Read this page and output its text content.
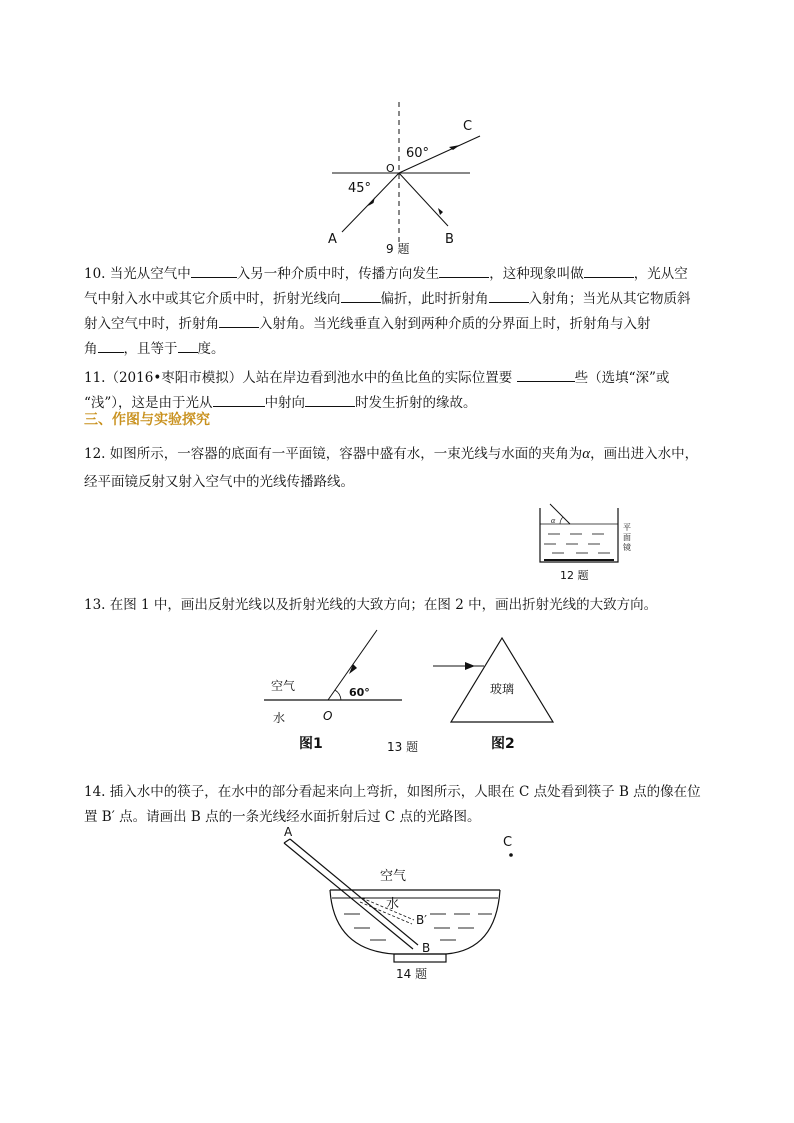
C
O
60°
45°
A	B
9 题
10. 当光从空气中	入另一种介质中时，传播方向发生	，这种现象叫做	，光从空
气中射入水中或其它介质中时，折射光线向	偏折，此时折射角	入射角；当光从其它物质斜
射入空气中时，折射角	入射角。当光线垂直入射到两种介质的分界面上时，折射角与入射
角 ，且等于 度。
11.（2016•枣阳市模拟）人站在岸边看到池水中的鱼比鱼的实际位置要	些（选填“深”或
“浅”），这是由于光从	中射向	时发生折射的缘故。
三、作图与实验探究
12. 如图所示，一容器的底面有一平面镜，容器中盛有水，一束光线与水面的夹角为α，画出进入水中，
经平面镜反射又射入空气中的光线传播路线。
α
平
面
镜
12 题
13. 在图 1 中，画出反射光线以及折射光线的大致方向；在图 2 中，画出折射光线的大致方向。
空气
水	O
60°
图1	13 题
玻璃
图2
14. 插入水中的筷子，在水中的部分看起来向上弯折，如图所示，人眼在 C 点处看到筷子 B 点的像在位
置 B′ 点。请画出 B 点的一条光线经水面折射后过 C 点的光路图。
A
C
空气
水
B′
B
14 题
